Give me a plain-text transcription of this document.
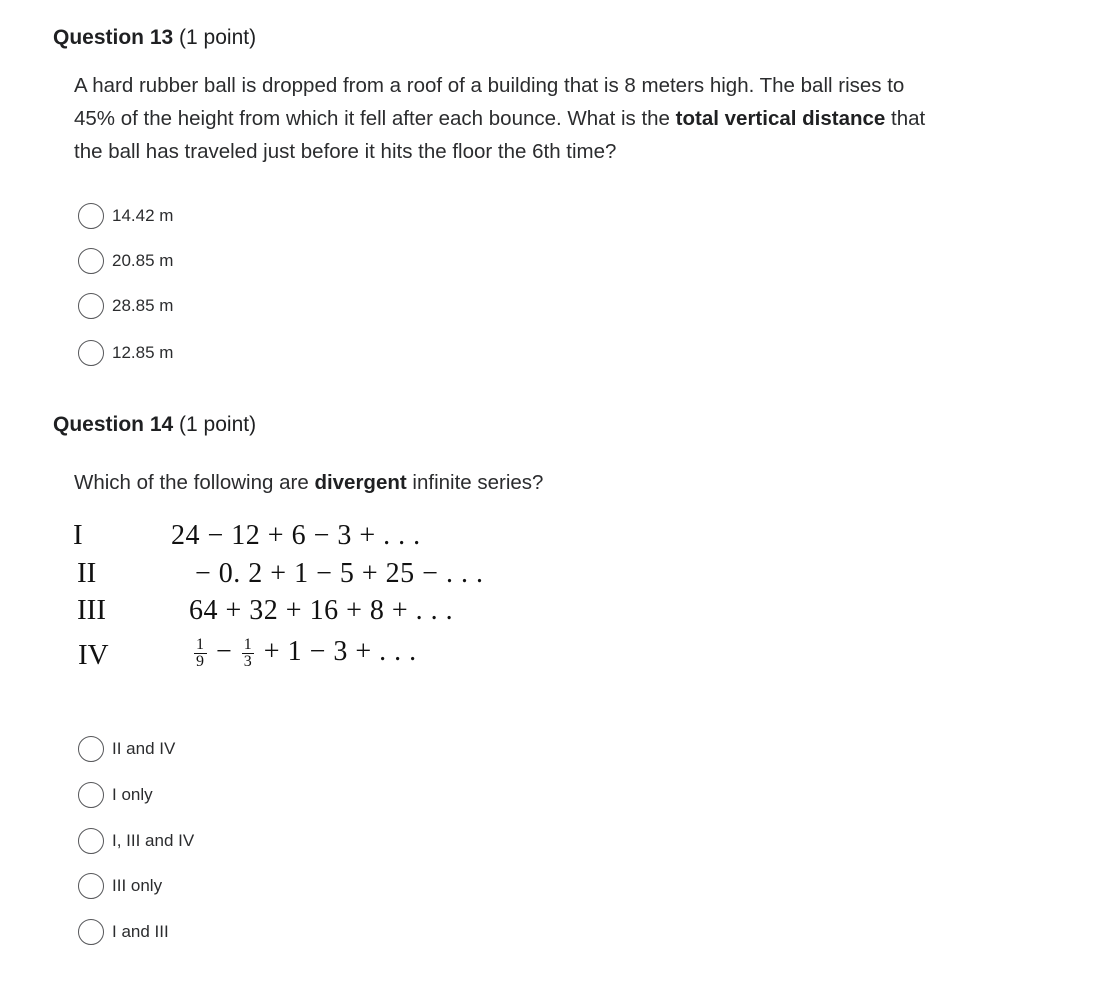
Question 13 (1 point)
A hard rubber ball is dropped from a roof of a building that is 8 meters high. The ball rises to 45% of the height from which it fell after each bounce. What is the total vertical distance that the ball has traveled just before it hits the floor the 6th time?
14.42 m
20.85 m
28.85 m
12.85 m
Question 14 (1 point)
Which of the following are divergent infinite series?
I	24 − 12 + 6 − 3 + . . .
II	− 0. 2 + 1 − 5 + 25 − . . .
III	64 + 32 + 16 + 8 + . . .
IV	$\frac{1}{9} - \frac{1}{3} + 1 - 3$ + . . .
II and IV
I only
I, III and IV
III only
I and III
